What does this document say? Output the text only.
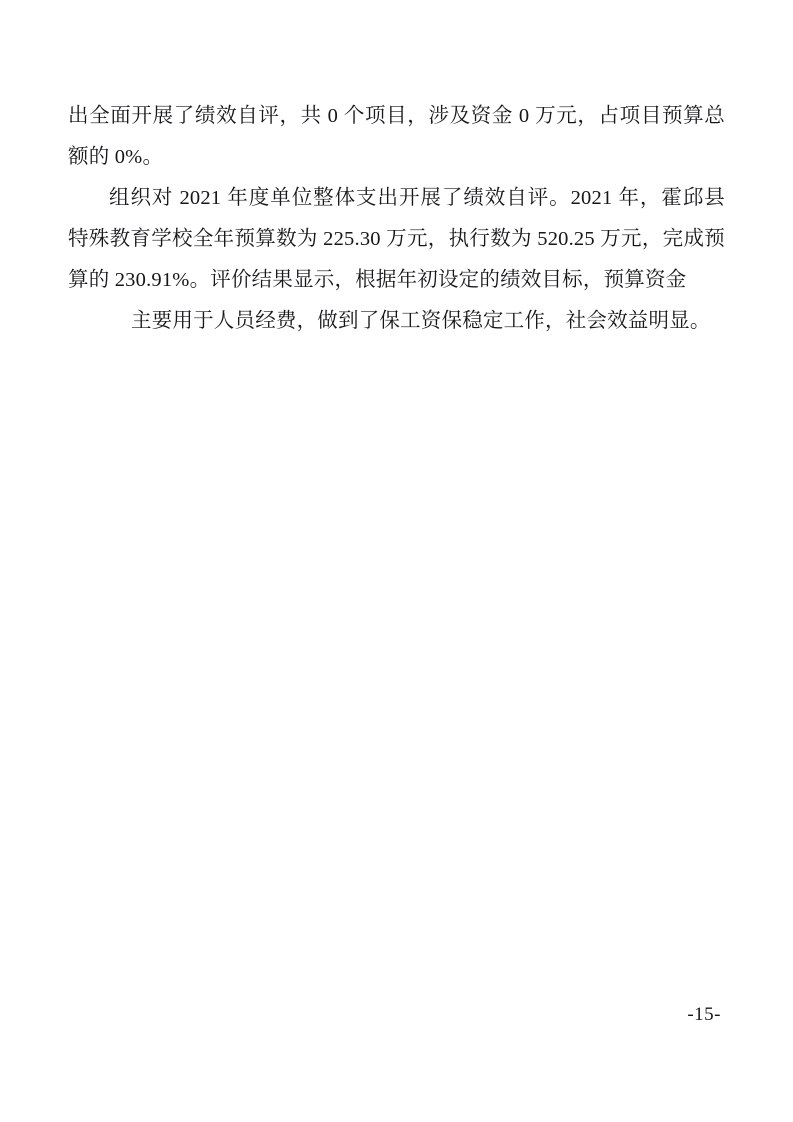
出全面开展了绩效自评，共 0 个项目，涉及资金 0 万元，占项目预算总额的 0%。

组织对 2021 年度单位整体支出开展了绩效自评。2021 年，霍邱县特殊教育学校全年预算数为 225.30 万元，执行数为 520.25 万元，完成预算的 230.91%。评价结果显示，根据年初设定的绩效目标，预算资金
主要用于人员经费，做到了保工资保稳定工作，社会效益明显。

-15-
